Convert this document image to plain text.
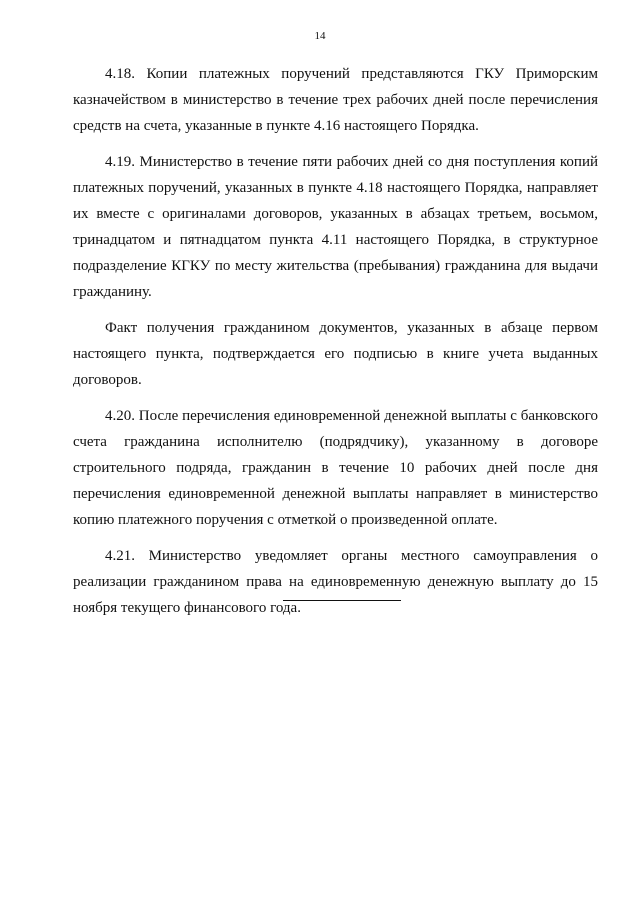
14

4.18. Копии платежных поручений представляются ГКУ Приморским казначейством в министерство в течение трех рабочих дней после перечисления средств на счета, указанные в пункте 4.16 настоящего Порядка.

4.19. Министерство в течение пяти рабочих дней со дня поступления копий платежных поручений, указанных в пункте 4.18 настоящего Порядка, направляет их вместе с оригиналами договоров, указанных в абзацах третьем, восьмом, тринадцатом и пятнадцатом пункта 4.11 настоящего Порядка, в структурное подразделение КГКУ по месту жительства (пребывания) гражданина для выдачи гражданину.

Факт получения гражданином документов, указанных в абзаце первом настоящего пункта, подтверждается его подписью в книге учета выданных договоров.

4.20. После перечисления единовременной денежной выплаты с банковского счета гражданина исполнителю (подрядчику), указанному в договоре строительного подряда, гражданин в течение 10 рабочих дней после дня перечисления единовременной денежной выплаты направляет в министерство копию платежного поручения с отметкой о произведенной оплате.

4.21. Министерство уведомляет органы местного самоуправления о реализации гражданином права на единовременную денежную выплату до 15 ноября текущего финансового года.
